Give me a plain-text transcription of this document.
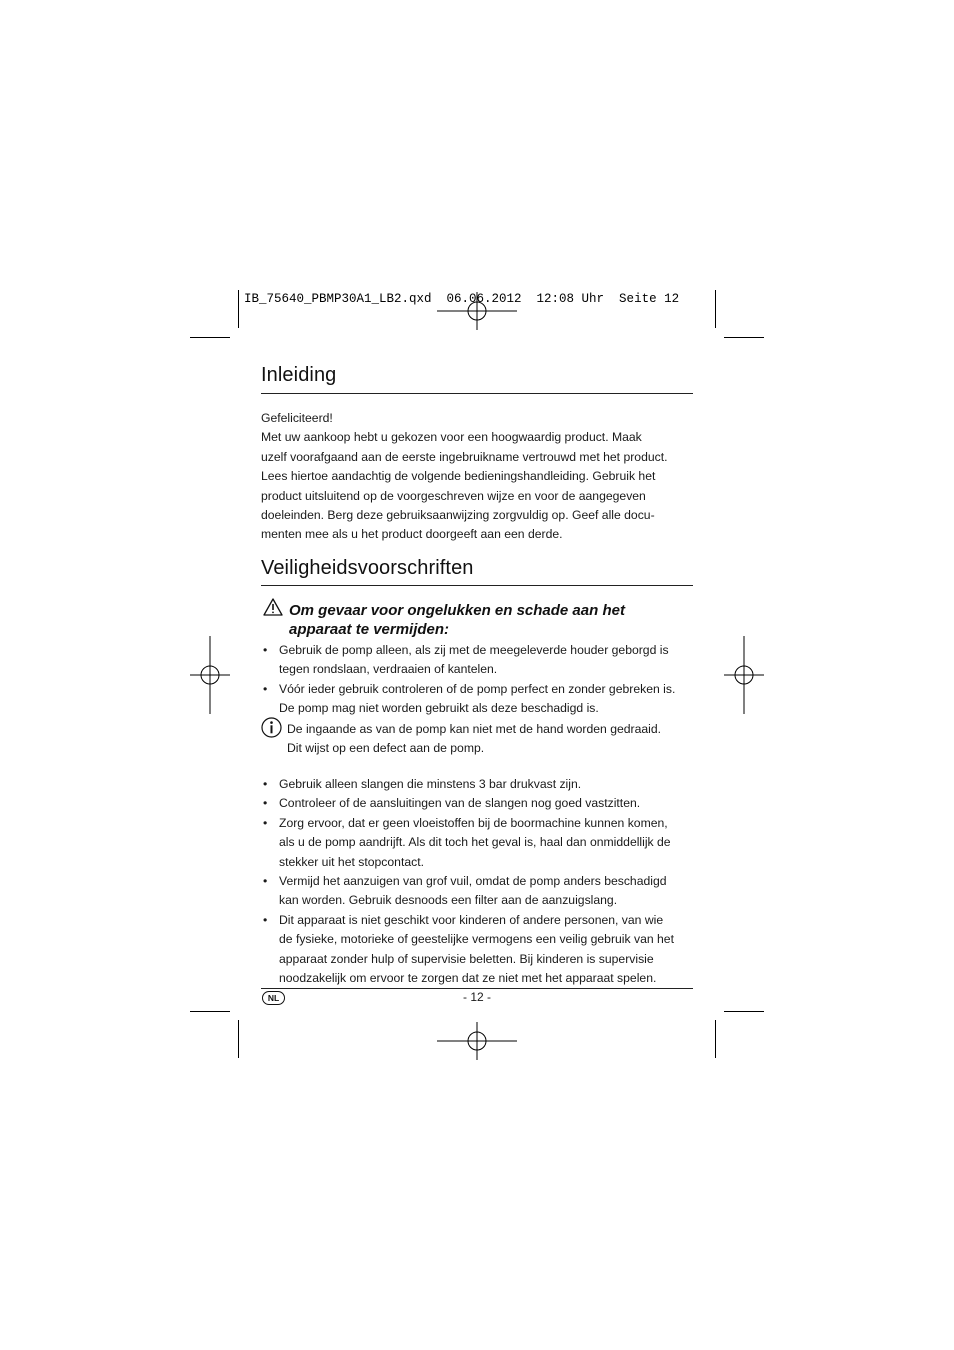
IB_75640_PBMP30A1_LB2.qxd  06.06.2012  12:08 Uhr  Seite 12
Inleiding
Gefeliciteerd!
Met uw aankoop hebt u gekozen voor een hoogwaardig product. Maak
uzelf voorafgaand aan de eerste ingebruikname vertrouwd met het product.
Lees hiertoe aandachtig de volgende bedieningshandleiding. Gebruik het
product uitsluitend op de voorgeschreven wijze en voor de aangegeven
doeleinden. Berg deze gebruiksaanwijzing zorgvuldig op. Geef alle docu-
menten mee als u het product doorgeeft aan een derde.
Veiligheidsvoorschriften
Om gevaar voor ongelukken en schade aan het
apparaat te vermijden:
• Gebruik de pomp alleen, als zij met de meegeleverde houder geborgd is
tegen rondslaan, verdraaien of kantelen.
• Vóór ieder gebruik controleren of de pomp perfect en zonder gebreken is.
De pomp mag niet worden gebruikt als deze beschadigd is.
De ingaande as van de pomp kan niet met de hand worden gedraaid.
Dit wijst op een defect aan de pomp.
• Gebruik alleen slangen die minstens 3 bar drukvast zijn.
• Controleer of de aansluitingen van de slangen nog goed vastzitten.
• Zorg ervoor, dat er geen vloeistoffen bij de boormachine kunnen komen,
als u de pomp aandrijft. Als dit toch het geval is, haal dan onmiddellijk de
stekker uit het stopcontact.
• Vermijd het aanzuigen van grof vuil, omdat de pomp anders beschadigd
kan worden. Gebruik desnoods een filter aan de aanzuigslang.
• Dit apparaat is niet geschikt voor kinderen of andere personen, van wie
de fysieke, motorieke of geestelijke vermogens een veilig gebruik van het
apparaat zonder hulp of supervisie beletten. Bij kinderen is supervisie
noodzakelijk om ervoor te zorgen dat ze niet met het apparaat spelen.
NL	- 12 -
